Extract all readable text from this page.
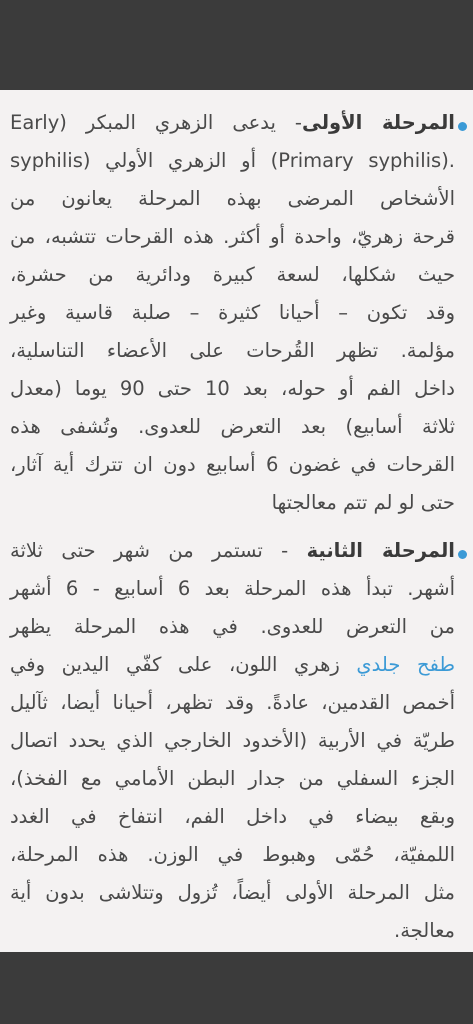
المرحلة الأولى- يدعى الزهري المبكر (Early
syphilis) أو الزهري الأولي (Primary syphilis).
الأشخاص المرضى بهذه المرحلة يعانون من
قرحة زهريّ، واحدة أو أكثر. هذه القرحات تتشبه، من
حيث شكلها، لسعة كبيرة ودائرية من حشرة،
وقد تكون – أحيانا كثيرة – صلبة قاسية وغير
مؤلمة. تظهر القُرحات على الأعضاء التناسلية،
داخل الفم أو حوله، بعد 10 حتى 90 يوما (معدل
ثلاثة أسابيع) بعد التعرض للعدوى. وتُشفى هذه
القرحات في غضون 6 أسابيع دون ان تترك أية آثار،
حتى لو لم تتم معالجتها
المرحلة الثانية - تستمر من شهر حتى ثلاثة
أشهر. تبدأ هذه المرحلة بعد 6 أسابيع - 6 أشهر
من التعرض للعدوى. في هذه المرحلة يظهر
طفح جلدي زهري اللون، على كفّي اليدين وفي
أخمص القدمين، عادةً. وقد تظهر، أحيانا أيضا، ثآليل
طريّة في الأربية (الأخدود الخارجي الذي يحدد اتصال
الجزء السفلي من جدار البطن الأمامي مع الفخذ)،
وبقع بيضاء في داخل الفم، انتفاخ في الغدد
اللمفيّة، حُمّى وهبوط في الوزن. هذه المرحلة،
مثل المرحلة الأولى أيضاً، تُزول وتتلاشى بدون أية
معالجة.
